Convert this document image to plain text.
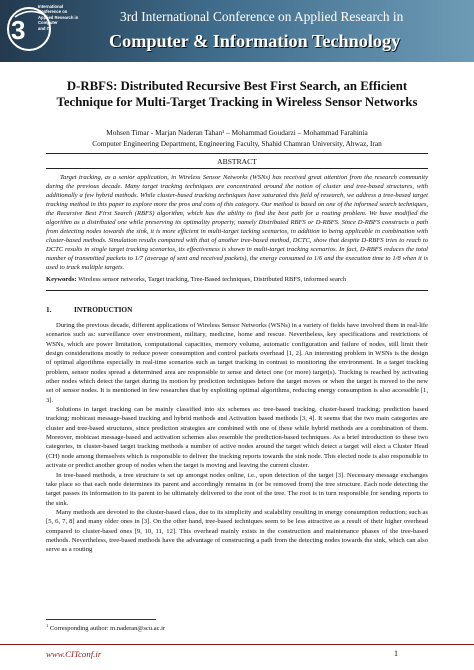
3
International
Conference on
Applied Research in
Computer
and IT
3rd International Conference on Applied Research in
Computer & Information Technology
D-RBFS: Distributed Recursive Best First Search, an Efficient
Technique for Multi-Target Tracking in Wireless Sensor Networks
Mohsen Timar - Marjan Naderan Tahan¹ – Mohammad Goudarzi – Mohammad Farahinia
Computer Engineering Department, Engineering Faculty, Shahid Chamran University, Ahwaz, Iran
ABSTRACT
Target tracking, as a senior application, in Wireless Sensor Networks (WSNs) has received great attention from the research community during the previous decade. Many target tracking techniques are concentrated around the notion of cluster and tree-based structures, with additionally a few hybrid methods. While cluster-based tracking techniques have saturated this field of research, we address a tree-based target tracking method in this paper to explore more the pros and cons of this category. Our method is based on one of the informed search techniques, the Recursive Best First Search (RBFS) algorithm, which has the ability to find the best path for a routing problem. We have modified the algorithm as a distributed one while preserving its optimality property, namely Distributed RBFS or D-RBFS. Since D-RBFS constructs a path from detecting nodes towards the sink, it is more efficient in multi-target tacking scenarios, in addition to being applicable in combination with cluster-based methods. Simulation results compared with that of another tree-based method, DCTC, show that despite D-RBFS tries to reach to DCTC results in single target tracking scenarios, its effectiveness is shown in multi-target tracking scenarios. In fact, D-RBFS reduces the total number of transmitted packets to 1/7 (average of sent and received packets), the energy consumed to 1/6 and the execution time to 1/8 when it is used to track multiple targets.
Keywords: Wireless sensor networks, Target tracking, Tree-Based techniques, Distributed RBFS, informed search
1.	INTRODUCTION

During the previous decade, different applications of Wireless Sensor Networks (WSNs) in a variety of fields have involved them in real-life scenarios such as: surveillance over environment, military, medicine, home and rescue. Nevertheless, key specifications and restrictions of WSNs, which are power limitation, computational capacities, memory volume, automatic configuration and failure of nodes, still limit their design considerations mostly to reduce power consumption and control packets overhead [1, 2]. An interesting problem in WSNs is the design of optimal algorithms especially in real-time scenarios such as target tracking in contrast to monitoring the environment. In a target tracking problem, sensor nodes spread a determined area are responsible to sense and detect one (or more) target(s). Tracking is reached by activating other nodes which detect the target during its motion by prediction techniques before the target moves or when the target is moved to the new set of sensor nodes. It is mentioned in few researches that by exploiting optimal algorithms, reducing energy consumption is also accessible [1, 3].

Solutions in target tracking can be mainly classified into six schemes as: tree-based tracking, cluster-based tracking; prediction based tracking; mobicast message-based tracking and hybrid methods and Activation based methods [3, 4]. It seems that the two main categories are cluster and tree-based structures, since prediction strategies are combined with one of these while hybrid methods are a combination of them. Moreover, mobicast message-based and activation schemes also resemble the prediction-based techniques. As a brief introduction to these two categories, in cluster-based target tracking methods a number of active nodes around the target which detect a target will elect a Cluster Head (CH) node among themselves which is responsible to deliver the tracking reports towards the sink node. This elected node is also responsible to activate or predict another group of nodes when the target is moving and leaving the current cluster.

In tree-based methods, a tree structure is set up amongst nodes online, i.e., upon detection of the target [3]. Necessary message exchanges take place so that each node determines its parent and accordingly remains in (or be removed from) the tree structure. Each node detecting the target passes its information to its parent to be ultimately delivered to the root of the tree. The root is in turn responsible for sending reports to the sink.

Many methods are devoted to the cluster-based class, due to its simplicity and scalability resulting in energy consumption reduction; such as [5, 6, 7, 8] and many older ones in [3]. On the other hand, tree-based techniques seem to be less attractive as a result of their higher overhead compared to cluster-based ones [9, 10, 11, 12]. This overhead mainly exists in the construction and maintenance phases of the tree-based methods. Nevertheless, tree-based methods have the advantage of constructing a path from the detecting nodes towards the sink, which can also serve as a routing

$^1$ Corresponding author: m.naderan@scu.ac.ir
www.CITconf.ir	1
